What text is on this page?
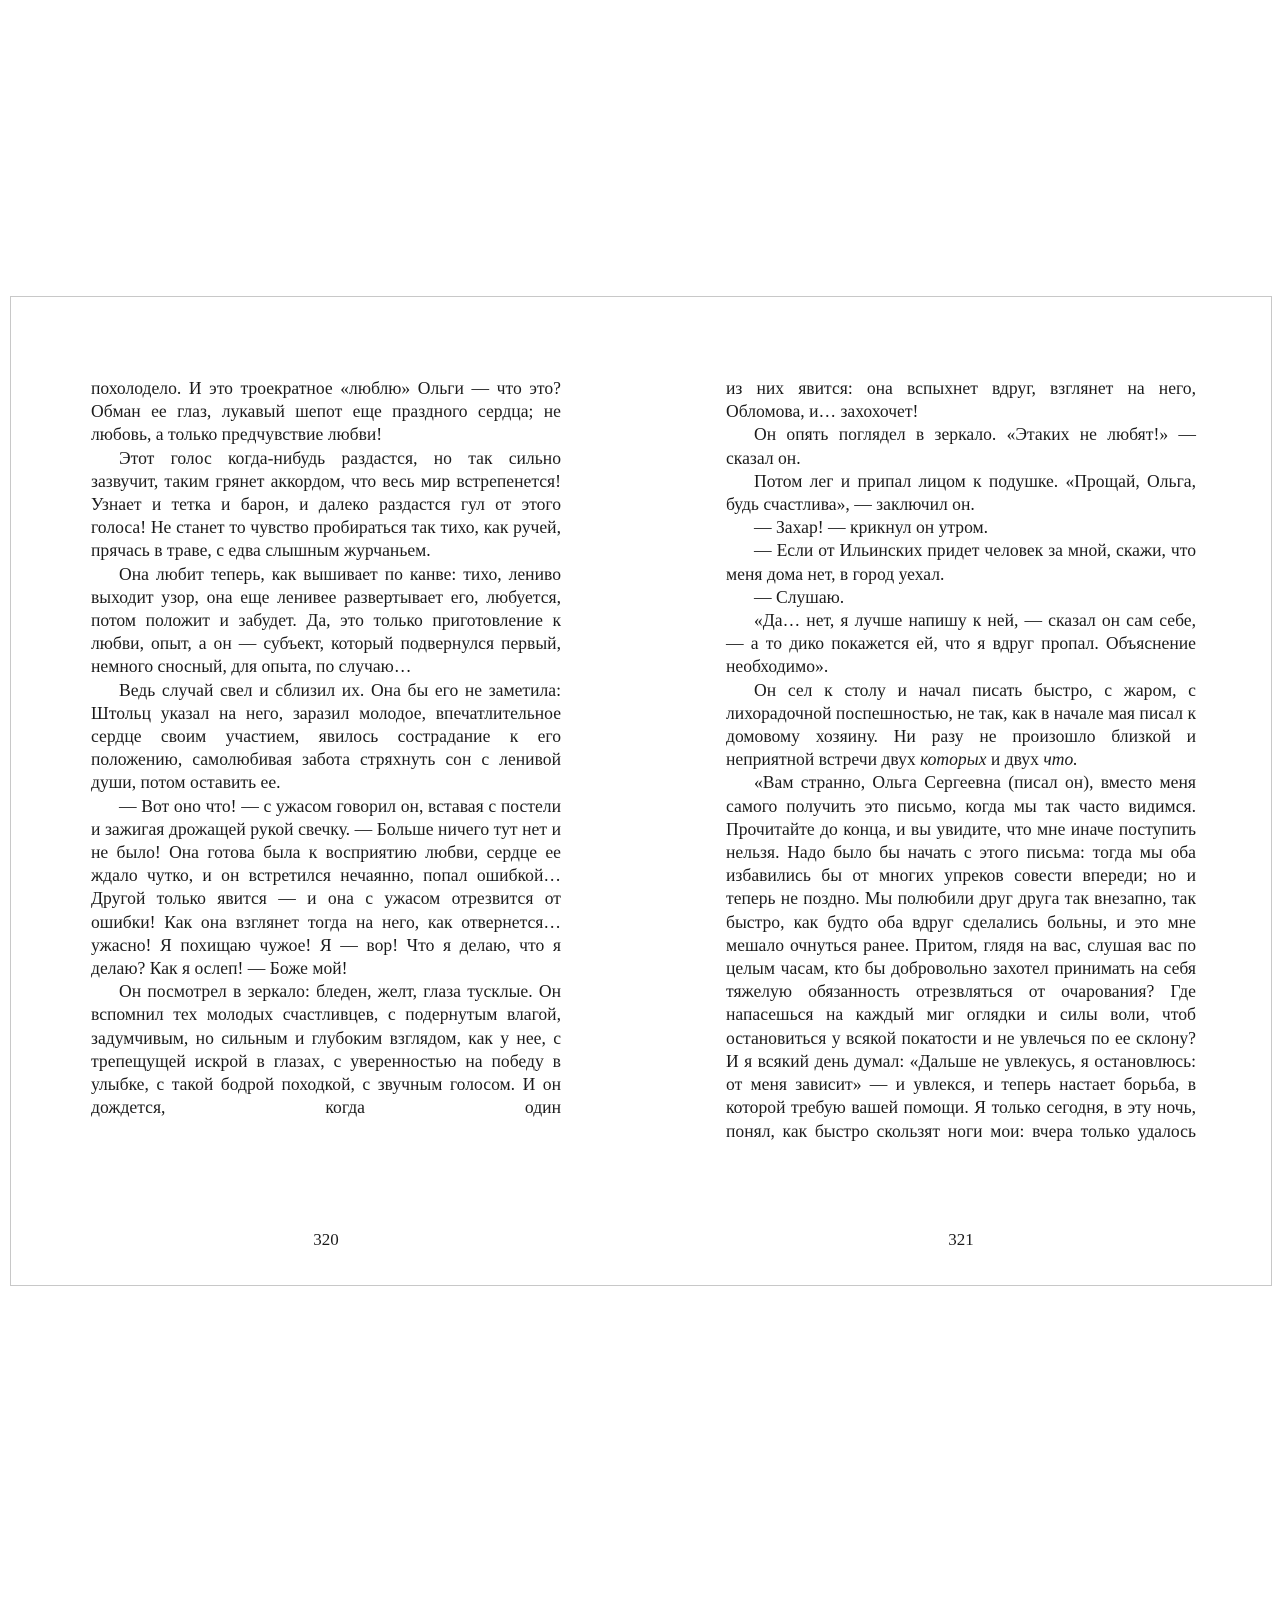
похолодело. И это троекратное «люблю» Ольги — что это? Обман ее глаз, лукавый шепот еще праздного сердца; не любовь, а только предчувствие любви!

Этот голос когда-нибудь раздастся, но так сильно зазвучит, таким грянет аккордом, что весь мир встрепенется! Узнает и тетка и барон, и далеко раздастся гул от этого голоса! Не станет то чувство пробираться так тихо, как ручей, прячась в траве, с едва слышным журчаньем.

Она любит теперь, как вышивает по канве: тихо, лениво выходит узор, она еще ленивее развертывает его, любуется, потом положит и забудет. Да, это только приготовление к любви, опыт, а он — субъект, который подвернулся первый, немного сносный, для опыта, по случаю…

Ведь случай свел и сблизил их. Она бы его не заметила: Штольц указал на него, заразил молодое, впечатлительное сердце своим участием, явилось сострадание к его положению, самолюбивая забота стряхнуть сон с ленивой души, потом оставить ее.

— Вот оно что! — с ужасом говорил он, вставая с постели и зажигая дрожащей рукой свечку. — Больше ничего тут нет и не было! Она готова была к восприятию любви, сердце ее ждало чутко, и он встретился нечаянно, попал ошибкой… Другой только явится — и она с ужасом отрезвится от ошибки! Как она взглянет тогда на него, как отвернется… ужасно! Я похищаю чужое! Я — вор! Что я делаю, что я делаю? Как я ослеп! — Боже мой!

Он посмотрел в зеркало: бледен, желт, глаза тусклые. Он вспомнил тех молодых счастливцев, с подернутым влагой, задумчивым, но сильным и глубоким взглядом, как у нее, с трепещущей искрой в глазах, с уверенностью на победу в улыбке, с такой бодрой походкой, с звучным голосом. И он дождется, когда один

320

из них явится: она вспыхнет вдруг, взглянет на него, Обломова, и… захохочет!

Он опять поглядел в зеркало. «Этаких не любят!» — сказал он.

Потом лег и припал лицом к подушке. «Прощай, Ольга, будь счастлива», — заключил он.

— Захар! — крикнул он утром.

— Если от Ильинских придет человек за мной, скажи, что меня дома нет, в город уехал.

— Слушаю.

«Да… нет, я лучше напишу к ней, — сказал он сам себе, — а то дико покажется ей, что я вдруг пропал. Объяснение необходимо».

Он сел к столу и начал писать быстро, с жаром, с лихорадочной поспешностью, не так, как в начале мая писал к домовому хозяину. Ни разу не произошло близкой и неприятной встречи двух которых и двух что.

«Вам странно, Ольга Сергеевна (писал он), вместо меня самого получить это письмо, когда мы так часто видимся. Прочитайте до конца, и вы увидите, что мне иначе поступить нельзя. Надо было бы начать с этого письма: тогда мы оба избавились бы от многих упреков совести впереди; но и теперь не поздно. Мы полюбили друг друга так внезапно, так быстро, как будто оба вдруг сделались больны, и это мне мешало очнуться ранее. Притом, глядя на вас, слушая вас по целым часам, кто бы добровольно захотел принимать на себя тяжелую обязанность отрезвляться от очарования? Где напасешься на каждый миг оглядки и силы воли, чтоб остановиться у всякой покатости и не увлечься по ее склону? И я всякий день думал: «Дальше не увлекусь, я остановлюсь: от меня зависит» — и увлекся, и теперь настает борьба, в которой требую вашей помощи. Я только сегодня, в эту ночь, понял, как быстро скользят ноги мои: вчера только удалось

321
